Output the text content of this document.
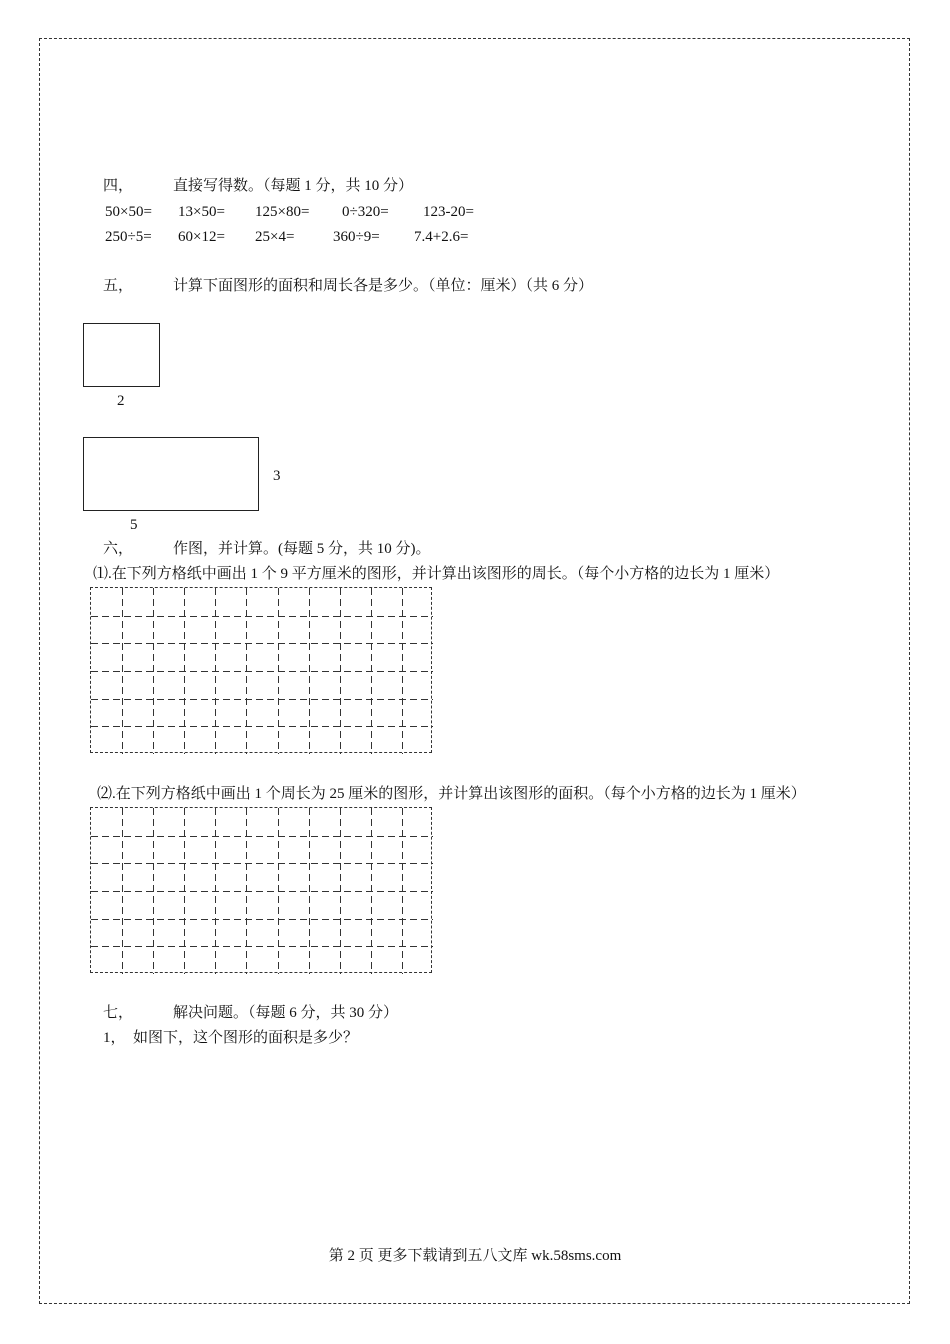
四，	直接写得数。（每题 1 分，共 10 分）
50×50= 13×50= 125×80= 0÷320= 123-20=
250÷5= 60×12= 25×4=	360÷9= 7.4+2.6=
五，	计算下面图形的面积和周长各是多少。（单位：厘米）（共 6 分）
2
3
5
六，	作图，并计算。(每题 5 分，共 10 分)。
⑴.在下列方格纸中画出 1 个 9 平方厘米的图形，并计算出该图形的周长。（每个小方格的边长为 1 厘米）
⑵.在下列方格纸中画出 1 个周长为 25 厘米的图形，并计算出该图形的面积。（每个小方格的边长为 1 厘米）
七，	解决问题。（每题 6 分，共 30 分）
1，  如图下，这个图形的面积是多少？
第 2 页 更多下载请到五八文库 wk.58sms.com
